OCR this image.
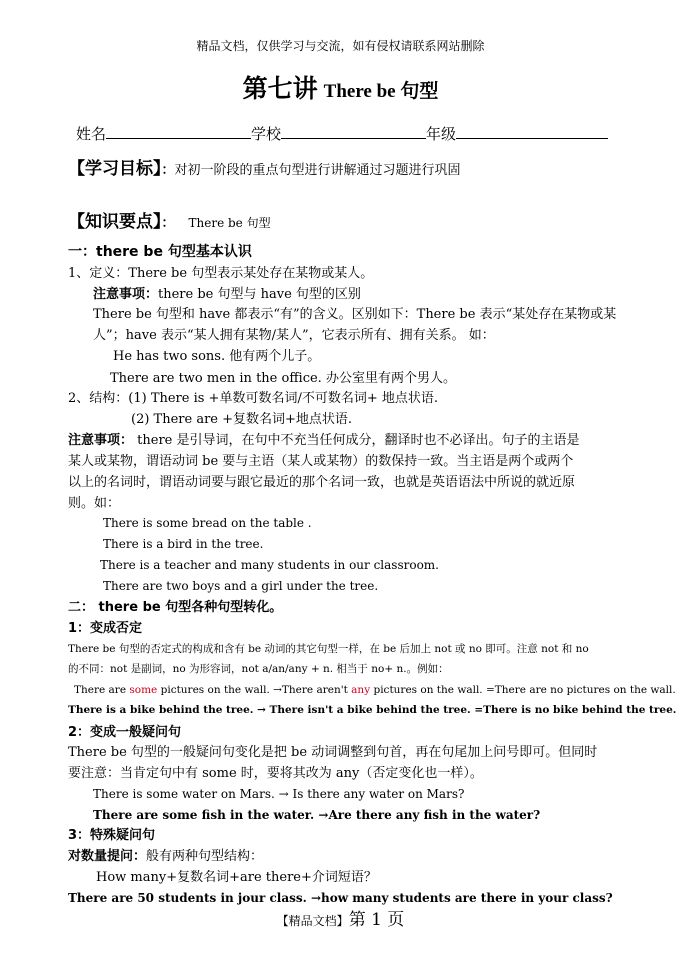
精品文档，仅供学习与交流，如有侵权请联系网站删除
第七讲 There be 句型
姓名	学校	年级
【学习目标】：对初一阶段的重点句型进行讲解通过习题进行巩固
【知识要点】： There be 句型
一：there be 句型基本认识
1、定义：There be 句型表示某处存在某物或某人。
注意事项：there be 句型与 have 句型的区别
There be 句型和 have 都表示“有”的含义。区别如下：There be 表示“某处存在某物或某
人”；have 表示“某人拥有某物/某人”，它表示所有、拥有关系。 如：
He has two sons. 他有两个儿子。
There are two men in the office. 办公室里有两个男人。
2、结构：(1) There is +单数可数名词/不可数名词+ 地点状语.
(2) There are +复数名词+地点状语.
注意事项： there 是引导词，在句中不充当任何成分，翻译时也不必译出。句子的主语是
某人或某物，谓语动词 be 要与主语（某人或某物）的数保持一致。当主语是两个或两个
以上的名词时，谓语动词要与跟它最近的那个名词一致，也就是英语语法中所说的就近原
则。如：
There is some bread on the table .
There is a bird in the tree.
There is a teacher and many students in our classroom.
There are two boys and a girl under the tree.
二： there be 句型各种句型转化。
1：变成否定
There be 句型的否定式的构成和含有 be 动词的其它句型一样，在 be 后加上 not 或 no 即可。注意 not 和 no
的不同：not 是副词，no 为形容词，not a/an/any + n. 相当于 no+ n.。例如：
There are some pictures on the wall. →There aren't any pictures on the wall. =There are no pictures on the wall.
There is a bike behind the tree. → There isn't a bike behind the tree. =There is no bike behind the tree.
2：变成一般疑问句
There be 句型的一般疑问句变化是把 be 动词调整到句首，再在句尾加上问号即可。但同时
要注意：当肯定句中有 some 时，要将其改为 any（否定变化也一样）。
There is some water on Mars. → Is there any water on Mars?
There are some fish in the water. →Are there any fish in the water?
3：特殊疑问句
对数量提问：般有两种句型结构：
How many+复数名词+are there+介词短语？
There are 50 students in jour class. →how many students are there in your class?
【精品文档】第 1 页
